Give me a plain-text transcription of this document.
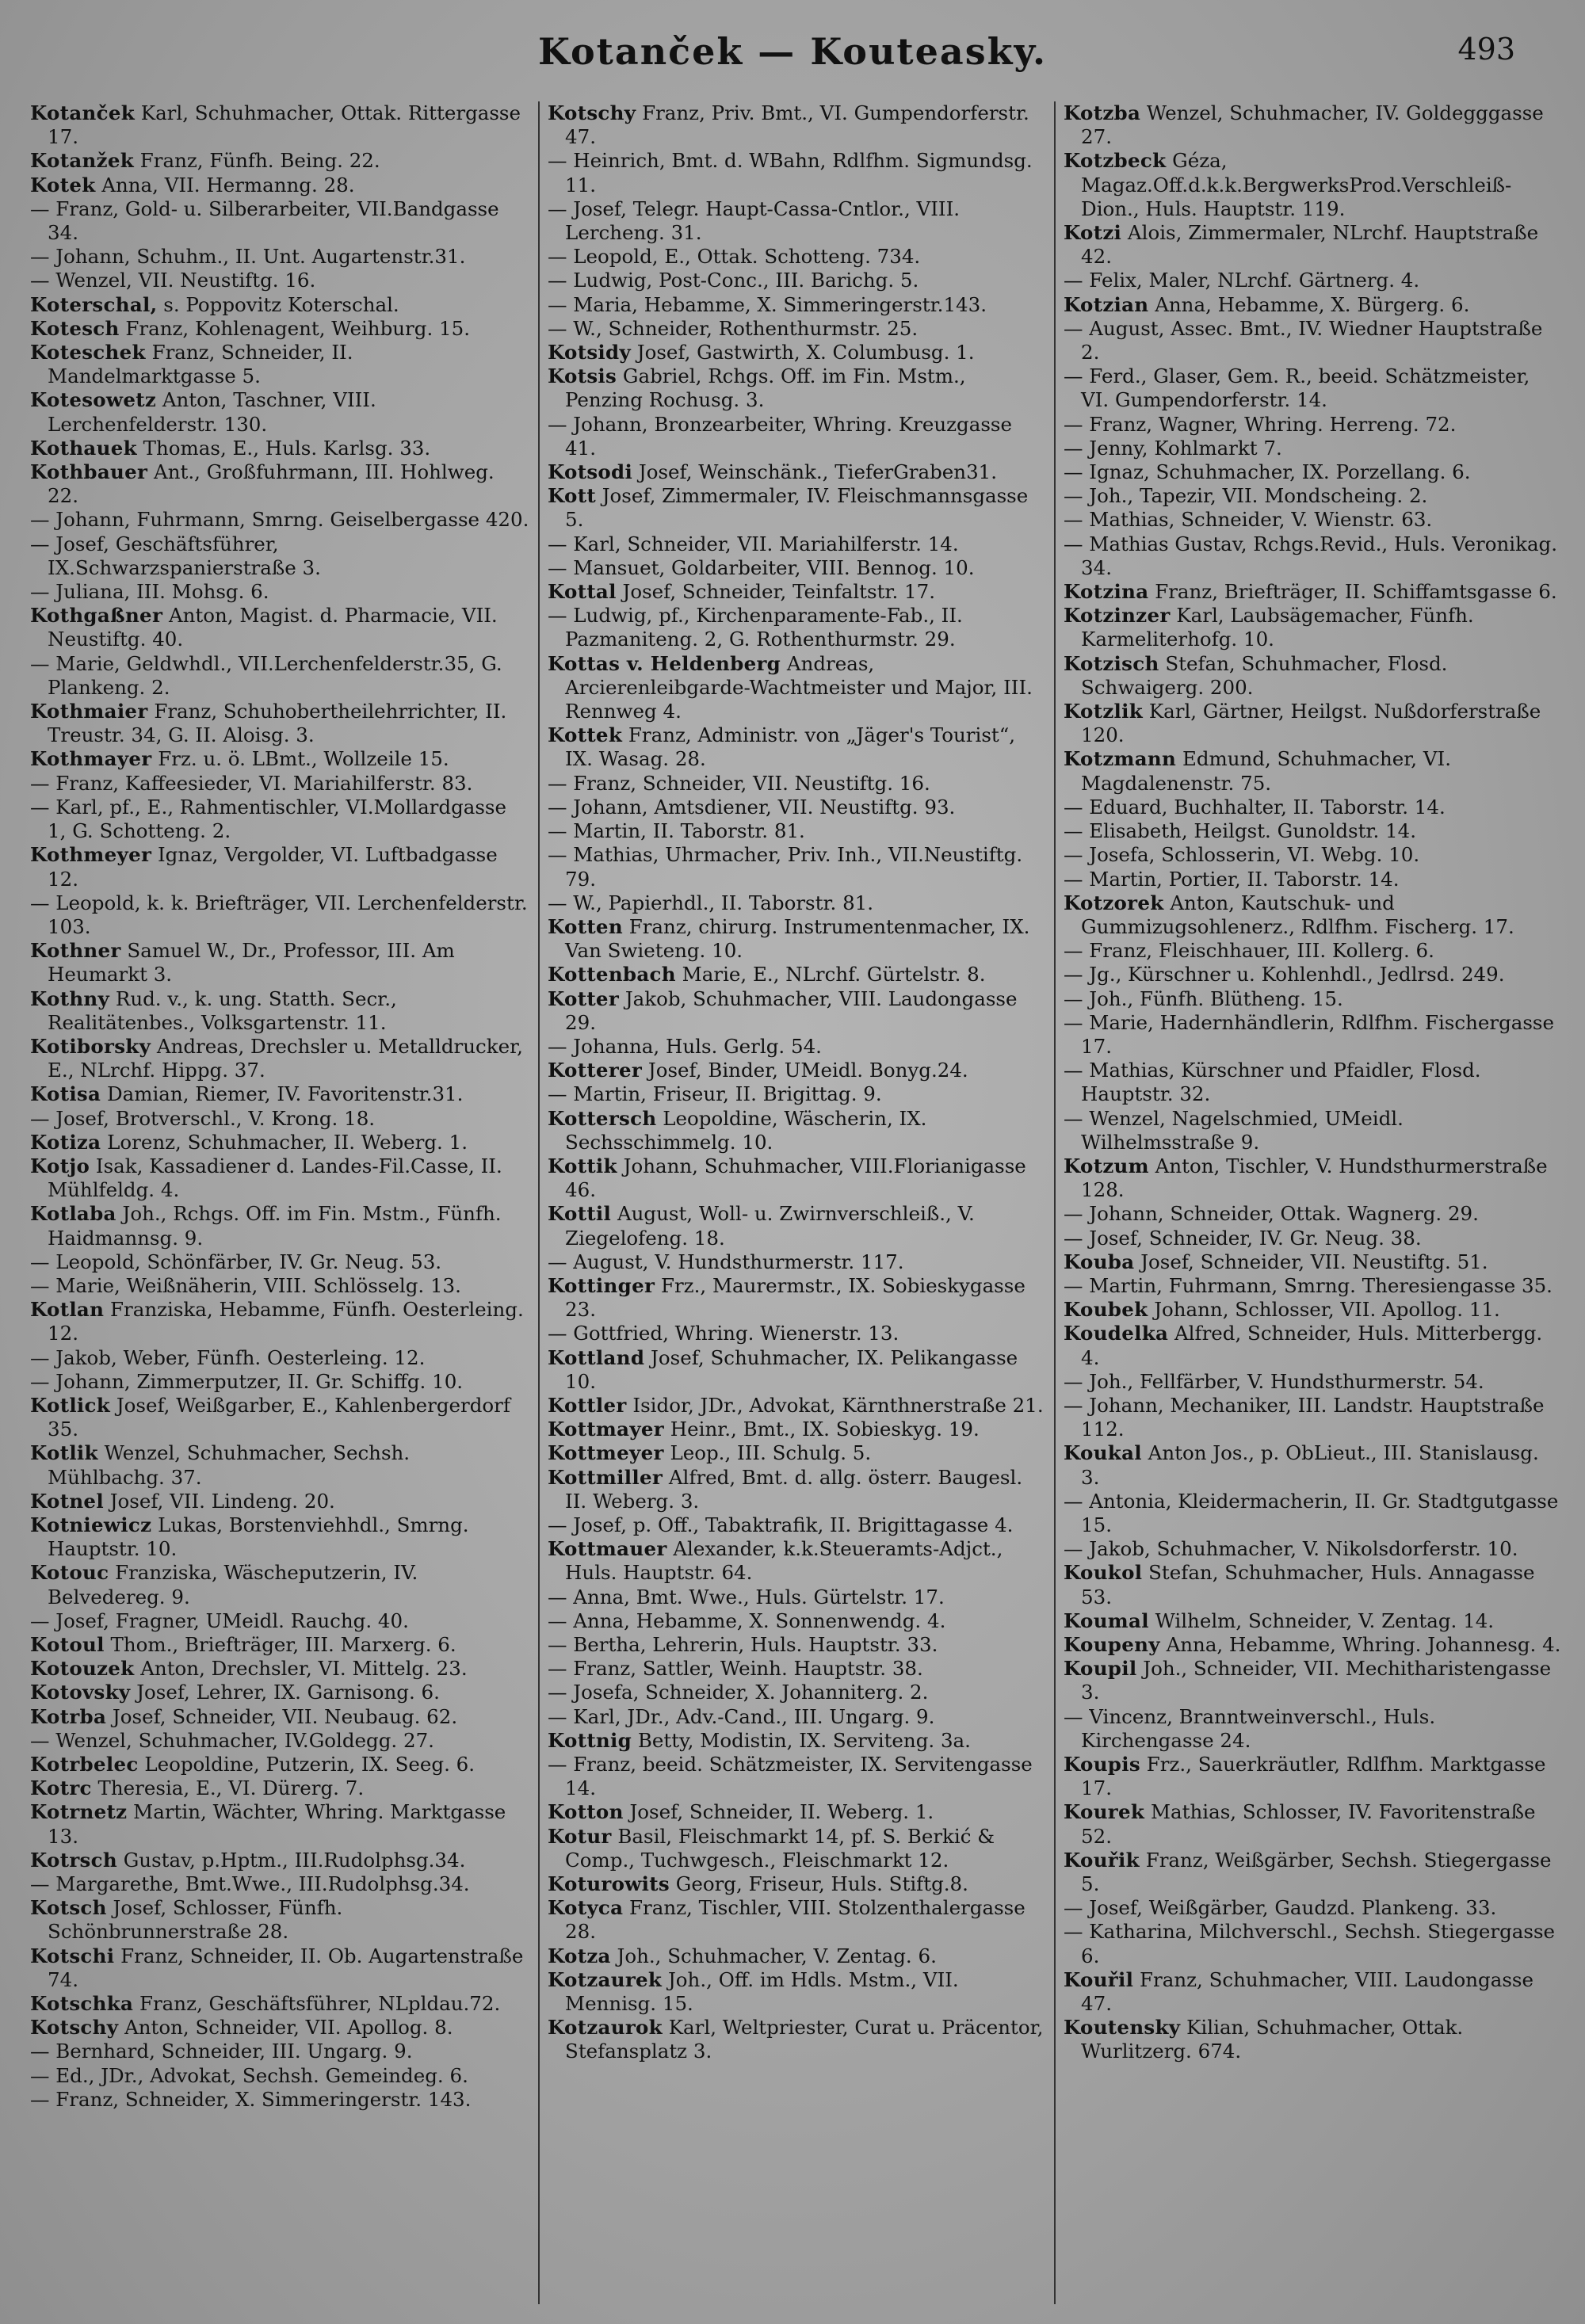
Kotanček — Kouteasky.	493

Kotanček Karl, Schuhmacher, Ottak. Rittergasse 17.

Kotanžek Franz, Fünfh. Being. 22.

Kotek Anna, VII. Hermanng. 28.

— Franz, Gold- u. Silberarbeiter, VII.Bandgasse 34.

— Johann, Schuhm., II. Unt. Augartenstr.31.

— Wenzel, VII. Neustiftg. 16.

Koterschal, s. Poppovitz Koterschal.

Kotesch Franz, Kohlenagent, Weihburg. 15.

Koteschek Franz, Schneider, II. Mandelmarktgasse 5.

Kotesowetz Anton, Taschner, VIII. Lerchenfelderstr. 130.

Kothauek Thomas, E., Huls. Karlsg. 33.

Kothbauer Ant., Großfuhrmann, III. Hohlweg. 22.

— Johann, Fuhrmann, Smrng. Geiselbergasse 420.

— Josef, Geschäftsführer, IX.Schwarzspanierstraße 3.

— Juliana, III. Mohsg. 6.

Kothgaßner Anton, Magist. d. Pharmacie, VII. Neustiftg. 40.

— Marie, Geldwhdl., VII.Lerchenfelderstr.35, G. Plankeng. 2.

Kothmaier Franz, Schuhobertheilehrrichter, II. Treustr. 34, G. II. Aloisg. 3.

Kothmayer Frz. u. ö. LBmt., Wollzeile 15.

— Franz, Kaffeesieder, VI. Mariahilferstr. 83.

— Karl, pf., E., Rahmentischler, VI.Mollardgasse 1, G. Schotteng. 2.

Kothmeyer Ignaz, Vergolder, VI. Luftbadgasse 12.

— Leopold, k. k. Briefträger, VII. Lerchenfelderstr. 103.

Kothner Samuel W., Dr., Professor, III. Am Heumarkt 3.

Kothny Rud. v., k. ung. Statth. Secr., Realitätenbes., Volksgartenstr. 11.

Kotiborsky Andreas, Drechsler u. Metalldrucker, E., NLrchf. Hippg. 37.

Kotisa Damian, Riemer, IV. Favoritenstr.31.

— Josef, Brotverschl., V. Krong. 18.

Kotiza Lorenz, Schuhmacher, II. Weberg. 1.

Kotjo Isak, Kassadiener d. Landes-Fil.Casse, II. Mühlfeldg. 4.

Kotlaba Joh., Rchgs. Off. im Fin. Mstm., Fünfh. Haidmannsg. 9.

— Leopold, Schönfärber, IV. Gr. Neug. 53.

— Marie, Weißnäherin, VIII. Schlösselg. 13.

Kotlan Franziska, Hebamme, Fünfh. Oesterleing. 12.

— Jakob, Weber, Fünfh. Oesterleing. 12.

— Johann, Zimmerputzer, II. Gr. Schiffg. 10.

Kotlick Josef, Weißgarber, E., Kahlenbergerdorf 35.

Kotlik Wenzel, Schuhmacher, Sechsh. Mühlbachg. 37.

Kotnel Josef, VII. Lindeng. 20.

Kotniewicz Lukas, Borstenviehhdl., Smrng. Hauptstr. 10.

Kotouc Franziska, Wäscheputzerin, IV. Belvedereg. 9.

— Josef, Fragner, UMeidl. Rauchg. 40.

Kotoul Thom., Briefträger, III. Marxerg. 6.

Kotouzek Anton, Drechsler, VI. Mittelg. 23.

Kotovsky Josef, Lehrer, IX. Garnisong. 6.

Kotrba Josef, Schneider, VII. Neubaug. 62.

— Wenzel, Schuhmacher, IV.Goldegg. 27.

Kotrbelec Leopoldine, Putzerin, IX. Seeg. 6.

Kotrc Theresia, E., VI. Dürerg. 7.

Kotrnetz Martin, Wächter, Whring. Marktgasse 13.

Kotrsch Gustav, p.Hptm., III.Rudolphsg.34.

— Margarethe, Bmt.Wwe., III.Rudolphsg.34.

Kotsch Josef, Schlosser, Fünfh. Schönbrunnerstraße 28.

Kotschi Franz, Schneider, II. Ob. Augartenstraße 74.

Kotschka Franz, Geschäftsführer, NLpldau.72.

Kotschy Anton, Schneider, VII. Apollog. 8.

— Bernhard, Schneider, III. Ungarg. 9.

— Ed., JDr., Advokat, Sechsh. Gemeindeg. 6.

— Franz, Schneider, X. Simmeringerstr. 143.

Kotschy Franz, Priv. Bmt., VI. Gumpendorferstr. 47.

— Heinrich, Bmt. d. WBahn, Rdlfhm. Sigmundsg. 11.

— Josef, Telegr. Haupt-Cassa-Cntlor., VIII. Lercheng. 31.

— Leopold, E., Ottak. Schotteng. 734.

— Ludwig, Post-Conc., III. Barichg. 5.

— Maria, Hebamme, X. Simmeringerstr.143.

— W., Schneider, Rothenthurmstr. 25.

Kotsidy Josef, Gastwirth, X. Columbusg. 1.

Kotsis Gabriel, Rchgs. Off. im Fin. Mstm., Penzing Rochusg. 3.

— Johann, Bronzearbeiter, Whring. Kreuzgasse 41.

Kotsodi Josef, Weinschänk., TieferGraben31.

Kott Josef, Zimmermaler, IV. Fleischmannsgasse 5.

— Karl, Schneider, VII. Mariahilferstr. 14.

— Mansuet, Goldarbeiter, VIII. Bennog. 10.

Kottal Josef, Schneider, Teinfaltstr. 17.

— Ludwig, pf., Kirchenparamente-Fab., II. Pazmaniteng. 2, G. Rothenthurmstr. 29.

Kottas v. Heldenberg Andreas, Arcierenleibgarde-Wachtmeister und Major, III. Rennweg 4.

Kottek Franz, Administr. von „Jäger's Tourist“, IX. Wasag. 28.

— Franz, Schneider, VII. Neustiftg. 16.

— Johann, Amtsdiener, VII. Neustiftg. 93.

— Martin, II. Taborstr. 81.

— Mathias, Uhrmacher, Priv. Inh., VII.Neustiftg. 79.

— W., Papierhdl., II. Taborstr. 81.

Kotten Franz, chirurg. Instrumentenmacher, IX. Van Swieteng. 10.

Kottenbach Marie, E., NLrchf. Gürtelstr. 8.

Kotter Jakob, Schuhmacher, VIII. Laudongasse 29.

— Johanna, Huls. Gerlg. 54.

Kotterer Josef, Binder, UMeidl. Bonyg.24.

— Martin, Friseur, II. Brigittag. 9.

Kottersch Leopoldine, Wäscherin, IX. Sechsschimmelg. 10.

Kottik Johann, Schuhmacher, VIII.Florianigasse 46.

Kottil August, Woll- u. Zwirnverschleiß., V. Ziegelofeng. 18.

— August, V. Hundsthurmerstr. 117.

Kottinger Frz., Maurermstr., IX. Sobieskygasse 23.

— Gottfried, Whring. Wienerstr. 13.

Kottland Josef, Schuhmacher, IX. Pelikangasse 10.

Kottler Isidor, JDr., Advokat, Kärnthnerstraße 21.

Kottmayer Heinr., Bmt., IX. Sobieskyg. 19.

Kottmeyer Leop., III. Schulg. 5.

Kottmiller Alfred, Bmt. d. allg. österr. Baugesl. II. Weberg. 3.

— Josef, p. Off., Tabaktrafik, II. Brigittagasse 4.

Kottmauer Alexander, k.k.Steueramts-Adjct., Huls. Hauptstr. 64.

— Anna, Bmt. Wwe., Huls. Gürtelstr. 17.

— Anna, Hebamme, X. Sonnenwendg. 4.

— Bertha, Lehrerin, Huls. Hauptstr. 33.

— Franz, Sattler, Weinh. Hauptstr. 38.

— Josefa, Schneider, X. Johanniterg. 2.

— Karl, JDr., Adv.-Cand., III. Ungarg. 9.

Kottnig Betty, Modistin, IX. Serviteng. 3a.

— Franz, beeid. Schätzmeister, IX. Servitengasse 14.

Kotton Josef, Schneider, II. Weberg. 1.

Kotur Basil, Fleischmarkt 14, pf. S. Berkić & Comp., Tuchwgesch., Fleischmarkt 12.

Koturowits Georg, Friseur, Huls. Stiftg.8.

Kotyca Franz, Tischler, VIII. Stolzenthalergasse 28.

Kotza Joh., Schuhmacher, V. Zentag. 6.

Kotzaurek Joh., Off. im Hdls. Mstm., VII. Mennisg. 15.

Kotzaurok Karl, Weltpriester, Curat u. Präcentor, Stefansplatz 3.

Kotzba Wenzel, Schuhmacher, IV. Goldegggasse 27.

Kotzbeck Géza, Magaz.Off.d.k.k.BergwerksProd.Verschleiß-Dion., Huls. Hauptstr. 119.

Kotzi Alois, Zimmermaler, NLrchf. Hauptstraße 42.

— Felix, Maler, NLrchf. Gärtnerg. 4.

Kotzian Anna, Hebamme, X. Bürgerg. 6.

— August, Assec. Bmt., IV. Wiedner Hauptstraße 2.

— Ferd., Glaser, Gem. R., beeid. Schätzmeister, VI. Gumpendorferstr. 14.

— Franz, Wagner, Whring. Herreng. 72.

— Jenny, Kohlmarkt 7.

— Ignaz, Schuhmacher, IX. Porzellang. 6.

— Joh., Tapezir, VII. Mondscheing. 2.

— Mathias, Schneider, V. Wienstr. 63.

— Mathias Gustav, Rchgs.Revid., Huls. Veronikag. 34.

Kotzina Franz, Briefträger, II. Schiffamtsgasse 6.

Kotzinzer Karl, Laubsägemacher, Fünfh. Karmeliterhofg. 10.

Kotzisch Stefan, Schuhmacher, Flosd. Schwaigerg. 200.

Kotzlik Karl, Gärtner, Heilgst. Nußdorferstraße 120.

Kotzmann Edmund, Schuhmacher, VI. Magdalenenstr. 75.

— Eduard, Buchhalter, II. Taborstr. 14.

— Elisabeth, Heilgst. Gunoldstr. 14.

— Josefa, Schlosserin, VI. Webg. 10.

— Martin, Portier, II. Taborstr. 14.

Kotzorek Anton, Kautschuk- und Gummizugsohlenerz., Rdlfhm. Fischerg. 17.

— Franz, Fleischhauer, III. Kollerg. 6.

— Jg., Kürschner u. Kohlenhdl., Jedlrsd. 249.

— Joh., Fünfh. Blütheng. 15.

— Marie, Hadernhändlerin, Rdlfhm. Fischergasse 17.

— Mathias, Kürschner und Pfaidler, Flosd. Hauptstr. 32.

— Wenzel, Nagelschmied, UMeidl. Wilhelmsstraße 9.

Kotzum Anton, Tischler, V. Hundsthurmerstraße 128.

— Johann, Schneider, Ottak. Wagnerg. 29.

— Josef, Schneider, IV. Gr. Neug. 38.

Kouba Josef, Schneider, VII. Neustiftg. 51.

— Martin, Fuhrmann, Smrng. Theresiengasse 35.

Koubek Johann, Schlosser, VII. Apollog. 11.

Koudelka Alfred, Schneider, Huls. Mitterbergg. 4.

— Joh., Fellfärber, V. Hundsthurmerstr. 54.

— Johann, Mechaniker, III. Landstr. Hauptstraße 112.

Koukal Anton Jos., p. ObLieut., III. Stanislausg. 3.

— Antonia, Kleidermacherin, II. Gr. Stadtgutgasse 15.

— Jakob, Schuhmacher, V. Nikolsdorferstr. 10.

Koukol Stefan, Schuhmacher, Huls. Annagasse 53.

Koumal Wilhelm, Schneider, V. Zentag. 14.

Koupeny Anna, Hebamme, Whring. Johannesg. 4.

Koupil Joh., Schneider, VII. Mechitharistengasse 3.

— Vincenz, Branntweinverschl., Huls. Kirchengasse 24.

Koupis Frz., Sauerkräutler, Rdlfhm. Marktgasse 17.

Kourek Mathias, Schlosser, IV. Favoritenstraße 52.

Kouřik Franz, Weißgärber, Sechsh. Stiegergasse 5.

— Josef, Weißgärber, Gaudzd. Plankeng. 33.

— Katharina, Milchverschl., Sechsh. Stiegergasse 6.

Kouřil Franz, Schuhmacher, VIII. Laudongasse 47.

Koutensky Kilian, Schuhmacher, Ottak. Wurlitzerg. 674.
